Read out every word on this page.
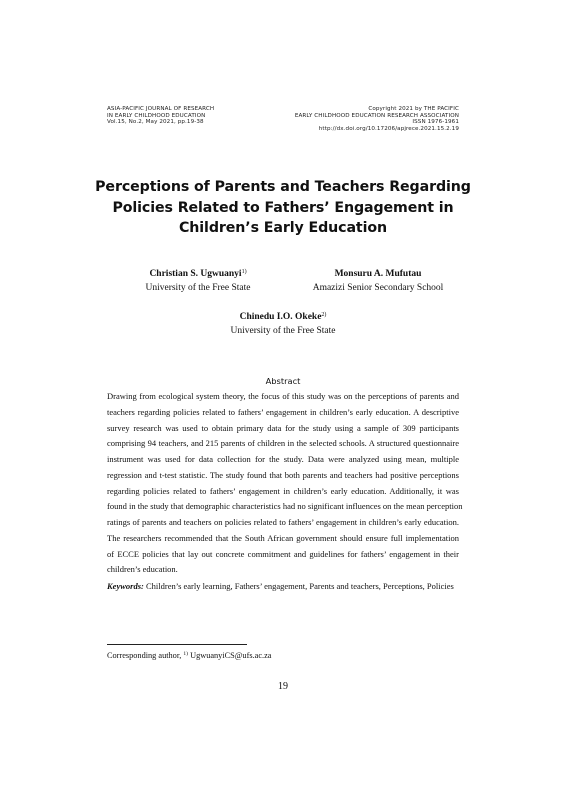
ASIA-PACIFIC JOURNAL OF RESEARCH
IN EARLY CHILDHOOD EDUCATION
Vol.15, No.2, May 2021, pp.19-38
Copyright 2021 by THE PACIFIC
EARLY CHILDHOOD EDUCATION RESEARCH ASSOCIATION
ISSN 1976-1961
http://dx.doi.org/10.17206/apjrece.2021.15.2.19
Perceptions of Parents and Teachers Regarding
Policies Related to Fathers’ Engagement in
Children’s Early Education
Christian S. Ugwuanyi$^{1)}$
University of the Free State
Monsuru A. Mufutau
Amazizi Senior Secondary School
Chinedu I.O. Okeke$^{2)}$
University of the Free State
Abstract
Drawing from ecological system theory, the focus of this study was on the perceptions of parents and
teachers regarding policies related to fathers’ engagement in children’s early education. A descriptive
survey research was used to obtain primary data for the study using a sample of 309 participants
comprising 94 teachers, and 215 parents of children in the selected schools. A structured questionnaire
instrument was used for data collection for the study. Data were analyzed using mean, multiple
regression and t-test statistic. The study found that both parents and teachers had positive perceptions
regarding policies related to fathers’ engagement in children’s early education. Additionally, it was
found in the study that demographic characteristics had no significant influences on the mean perception
ratings of parents and teachers on policies related to fathers’ engagement in children’s early education.
The researchers recommended that the South African government should ensure full implementation
of ECCE policies that lay out concrete commitment and guidelines for fathers’ engagement in their
children’s education.
Keywords: Children’s early learning, Fathers’ engagement, Parents and teachers, Perceptions, Policies
Corresponding author, $^{1)}$ UgwuanyiCS@ufs.ac.za
19
